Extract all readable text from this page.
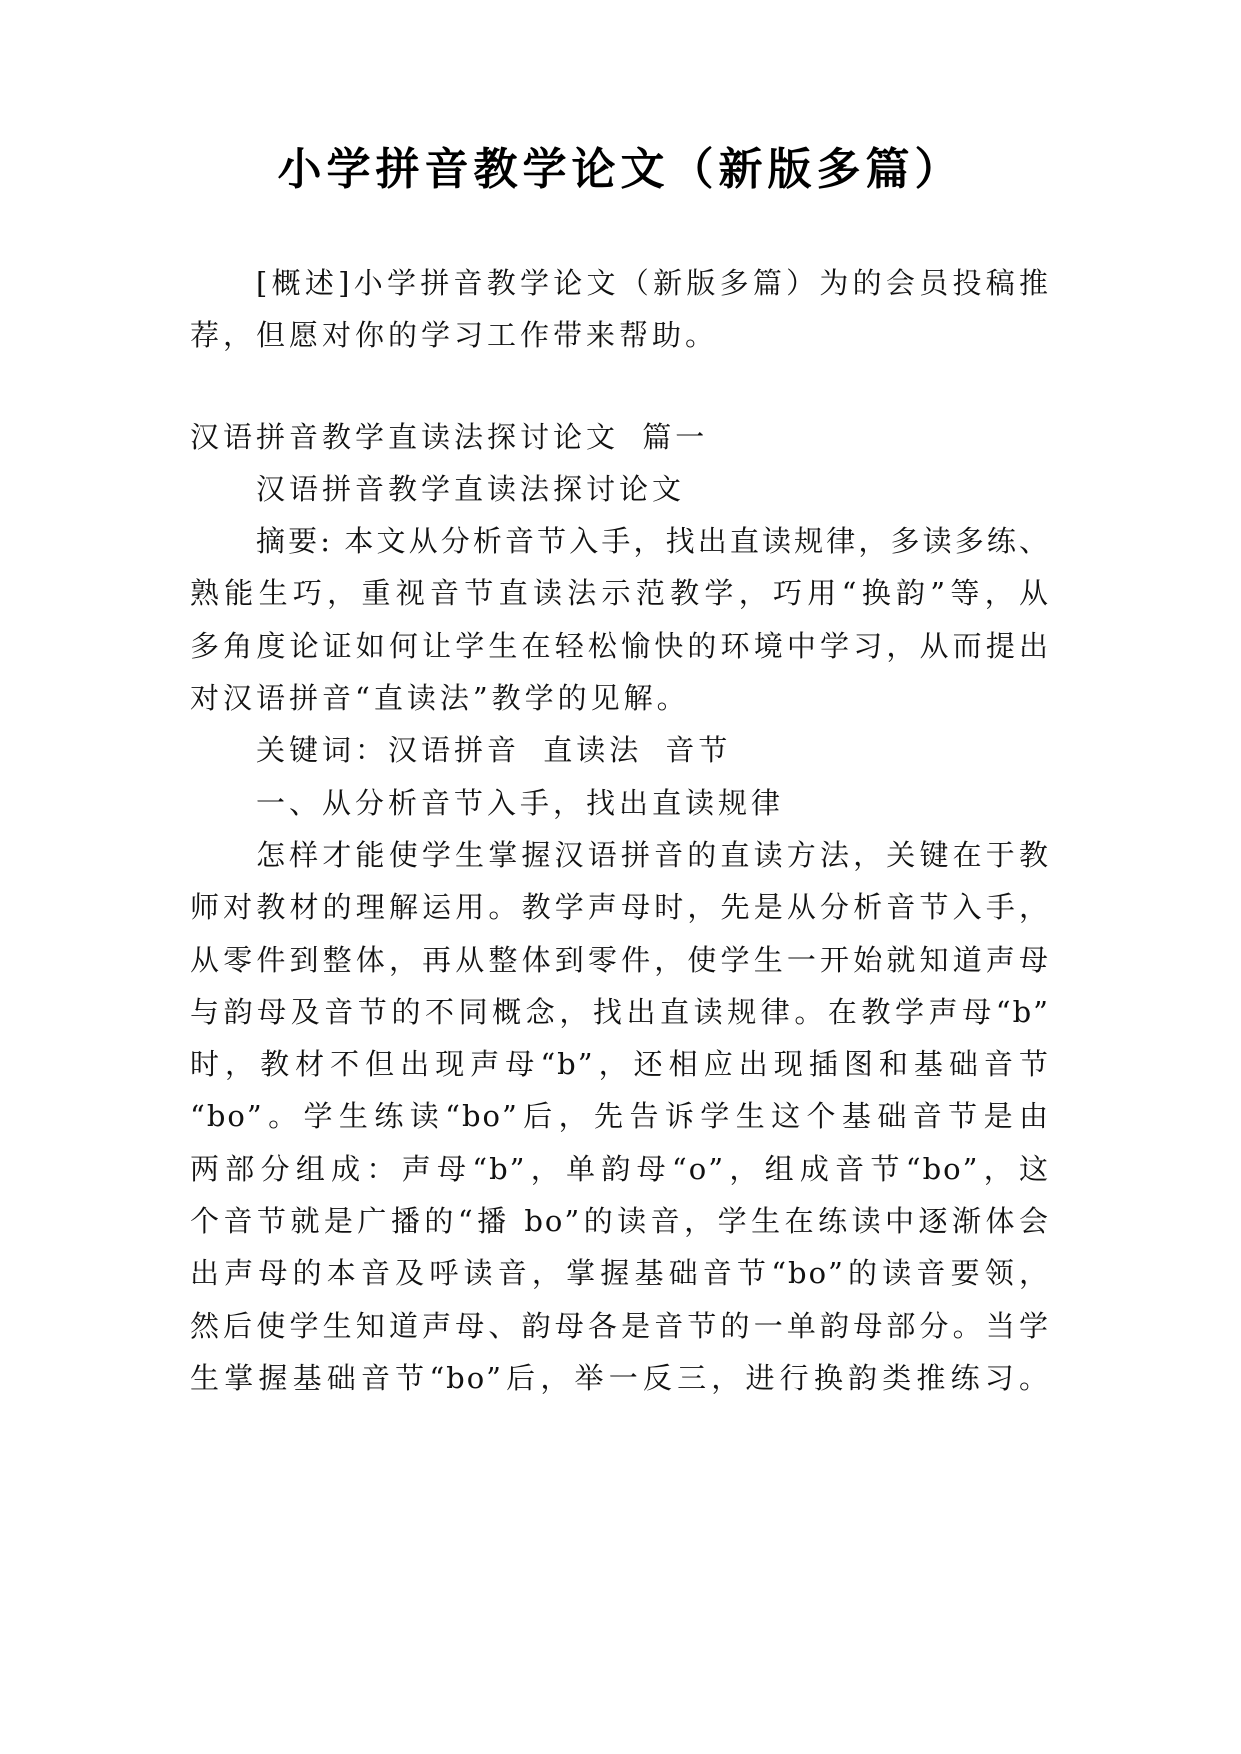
小学拼音教学论文（新版多篇）
[概述]小学拼音教学论文（新版多篇）为的会员投稿推
荐，但愿对你的学习工作带来帮助。
汉语拼音教学直读法探讨论文 篇一
汉语拼音教学直读法探讨论文
摘要: 本文从分析音节入手，找出直读规律，多读多练、
熟能生巧，重视音节直读法示范教学，巧用“换韵”等，从
多角度论证如何让学生在轻松愉快的环境中学习，从而提出
对汉语拼音“直读法”教学的见解。
关键词：汉语拼音 直读法 音节
一、从分析音节入手，找出直读规律
怎样才能使学生掌握汉语拼音的直读方法，关键在于教
师对教材的理解运用。教学声母时，先是从分析音节入手，
从零件到整体，再从整体到零件，使学生一开始就知道声母
与韵母及音节的不同概念，找出直读规律。在教学声母“b”
时，教材不但出现声母“b”，还相应出现插图和基础音节
“bo”。学生练读“bo”后，先告诉学生这个基础音节是由
两部分组成：声母“b”，单韵母“o”，组成音节“bo”，这
个音节就是广播的“播 bo”的读音，学生在练读中逐渐体会
出声母的本音及呼读音，掌握基础音节“bo”的读音要领，
然后使学生知道声母、韵母各是音节的一单韵母部分。当学
生掌握基础音节“bo”后，举一反三，进行换韵类推练习。
